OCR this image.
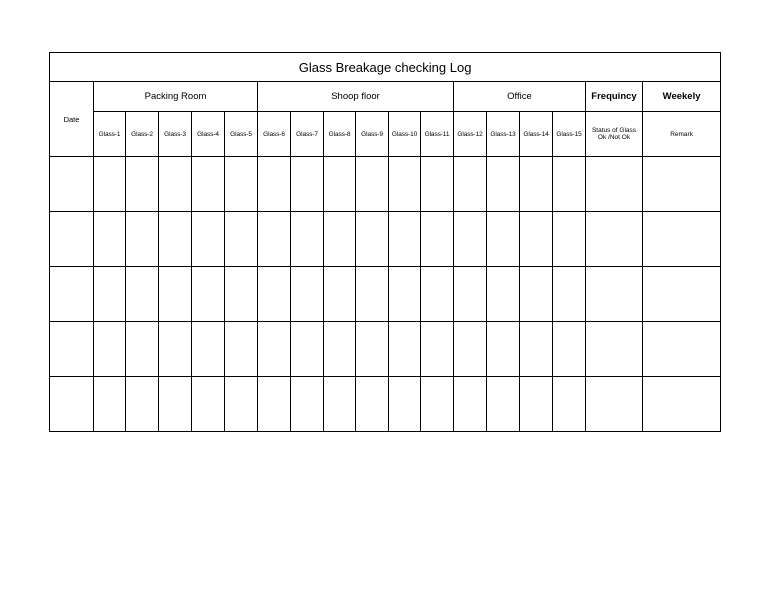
Glass Breakage checking Log																	
Date	Packing Room					Shoop floor						Office				Frequincy	Weekely
	Glass-1	Glass-2	Glass-3	Glass-4	Glass-5	Glass-6	Glass-7	Glass-8	Glass-9	Glass-10	Glass-11	Glass-12	Glass-13	Glass-14	Glass-15	Status of Glass
Ok /Not Ok	Remark
